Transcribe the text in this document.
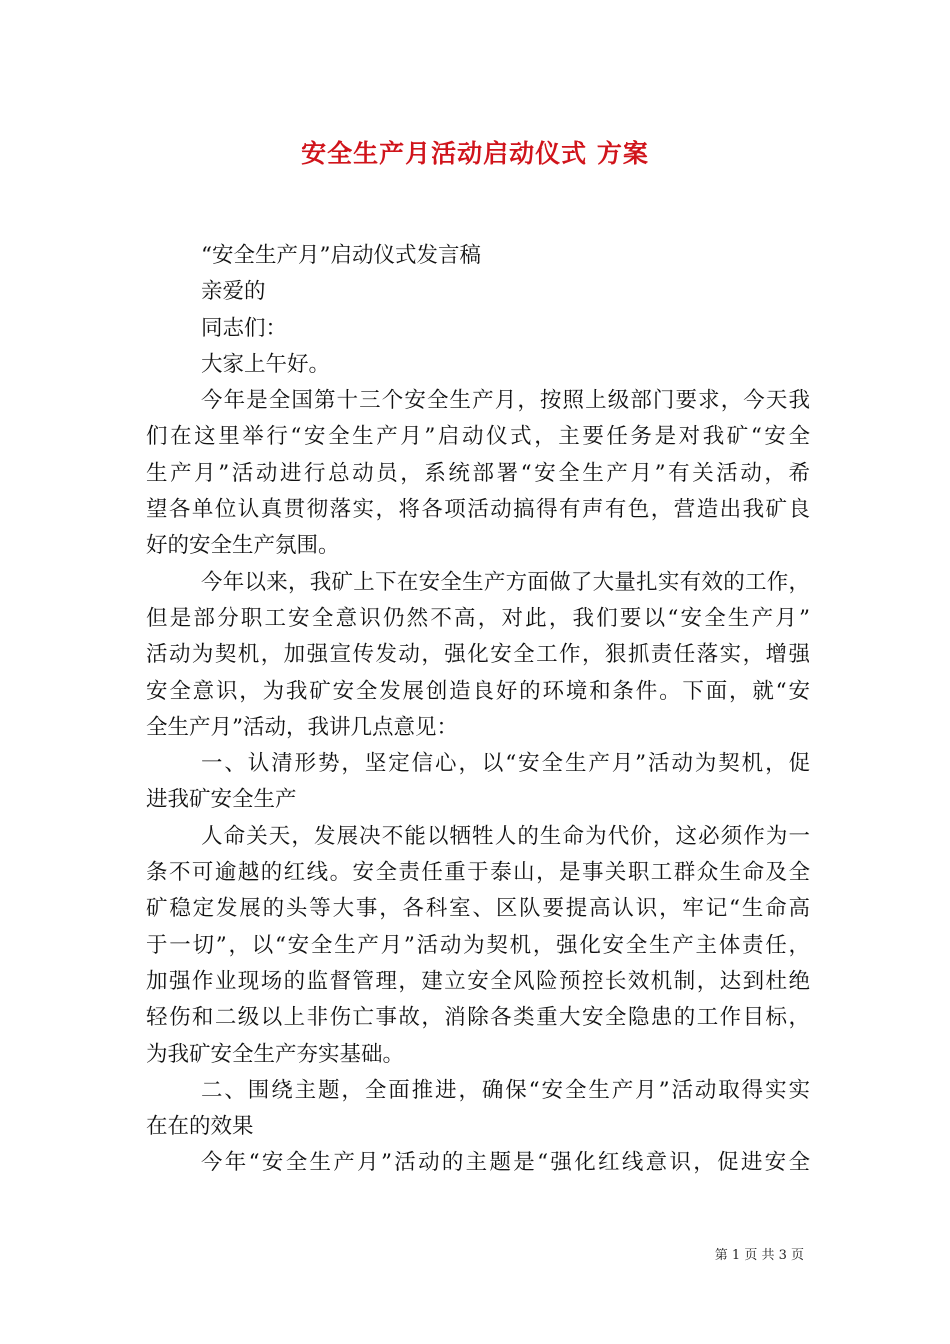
安全生产月活动启动仪式 方案
“安全生产月”启动仪式发言稿
亲爱的
同志们：
大家上午好。
今年是全国第十三个安全生产月，按照上级部门要求，今天我
们在这里举行“安全生产月”启动仪式，主要任务是对我矿“安全
生产月”活动进行总动员，系统部署“安全生产月”有关活动，希
望各单位认真贯彻落实，将各项活动搞得有声有色，营造出我矿良
好的安全生产氛围。
今年以来，我矿上下在安全生产方面做了大量扎实有效的工作，
但是部分职工安全意识仍然不高，对此，我们要以“安全生产月”
活动为契机，加强宣传发动，强化安全工作，狠抓责任落实，增强
安全意识，为我矿安全发展创造良好的环境和条件。下面，就“安
全生产月”活动，我讲几点意见：
一、认清形势，坚定信心，以“安全生产月”活动为契机，促
进我矿安全生产
人命关天，发展决不能以牺牲人的生命为代价，这必须作为一
条不可逾越的红线。安全责任重于泰山，是事关职工群众生命及全
矿稳定发展的头等大事，各科室、区队要提高认识，牢记“生命高
于一切”，以“安全生产月”活动为契机，强化安全生产主体责任，
加强作业现场的监督管理，建立安全风险预控长效机制，达到杜绝
轻伤和二级以上非伤亡事故，消除各类重大安全隐患的工作目标，
为我矿安全生产夯实基础。
二、围绕主题，全面推进，确保“安全生产月”活动取得实实
在在的效果
今年“安全生产月”活动的主题是“强化红线意识，促进安全
第 1 页 共 3 页
